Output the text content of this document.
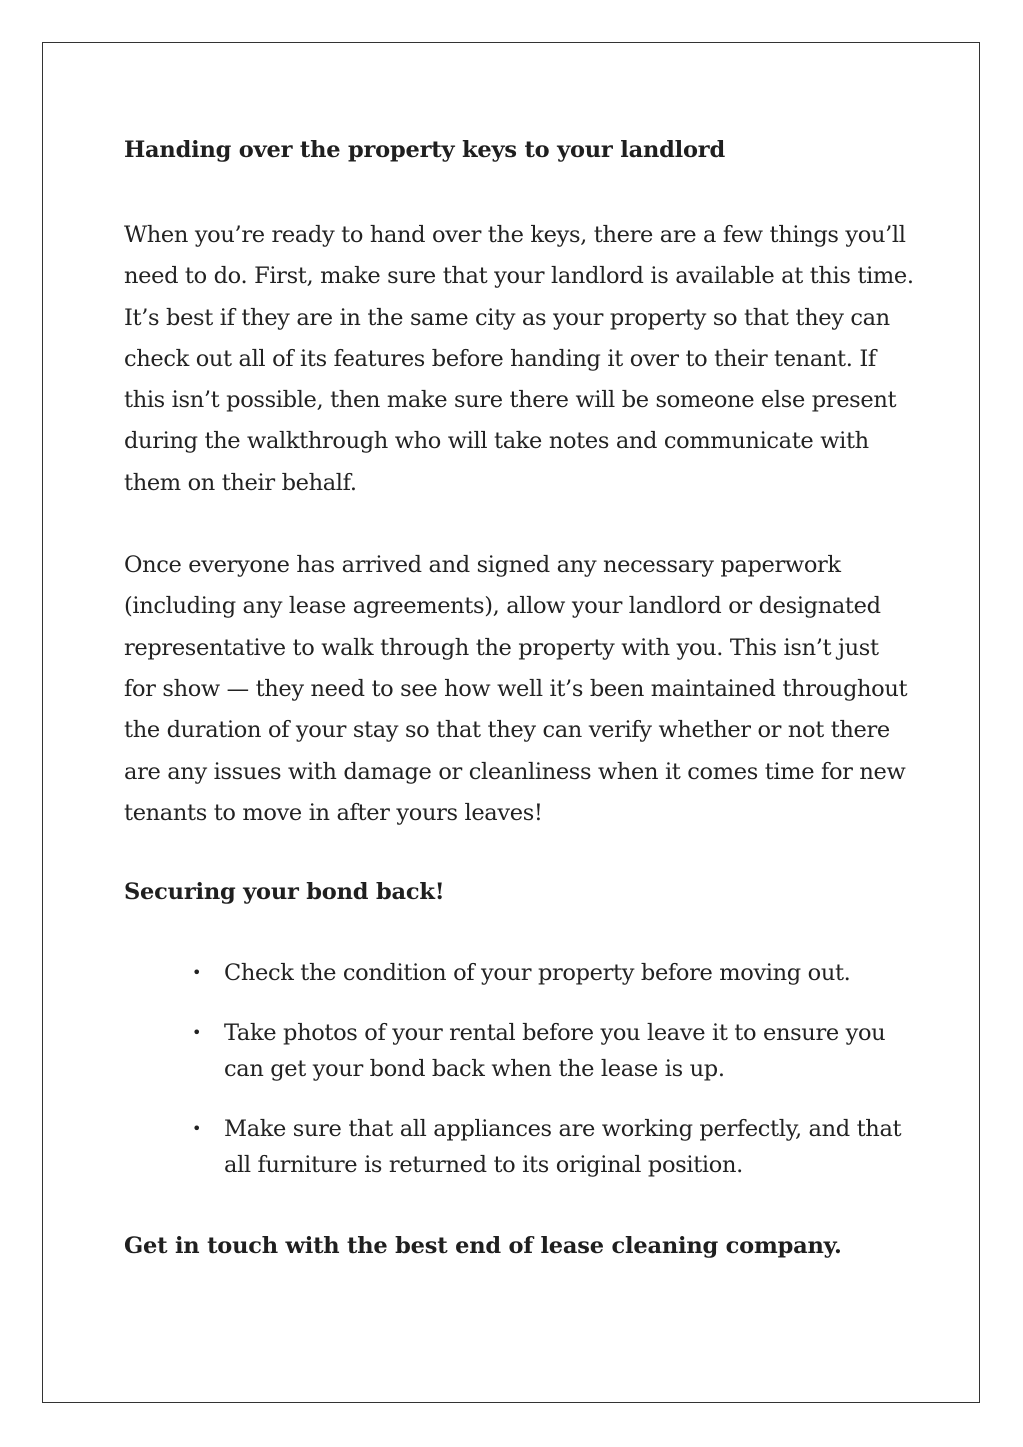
Handing over the property keys to your landlord

When you’re ready to hand over the keys, there are a few things you’ll need to do. First, make sure that your landlord is available at this time. It’s best if they are in the same city as your property so that they can check out all of its features before handing it over to their tenant. If this isn’t possible, then make sure there will be someone else present during the walkthrough who will take notes and communicate with them on their behalf.

Once everyone has arrived and signed any necessary paperwork (including any lease agreements), allow your landlord or designated representative to walk through the property with you. This isn’t just for show — they need to see how well it’s been maintained throughout the duration of your stay so that they can verify whether or not there are any issues with damage or cleanliness when it comes time for new tenants to move in after yours leaves!

Securing your bond back!
• Check the condition of your property before moving out.
• Take photos of your rental before you leave it to ensure you can get your bond back when the lease is up.
• Make sure that all appliances are working perfectly, and that all furniture is returned to its original position.
Get in touch with the best end of lease cleaning company.
